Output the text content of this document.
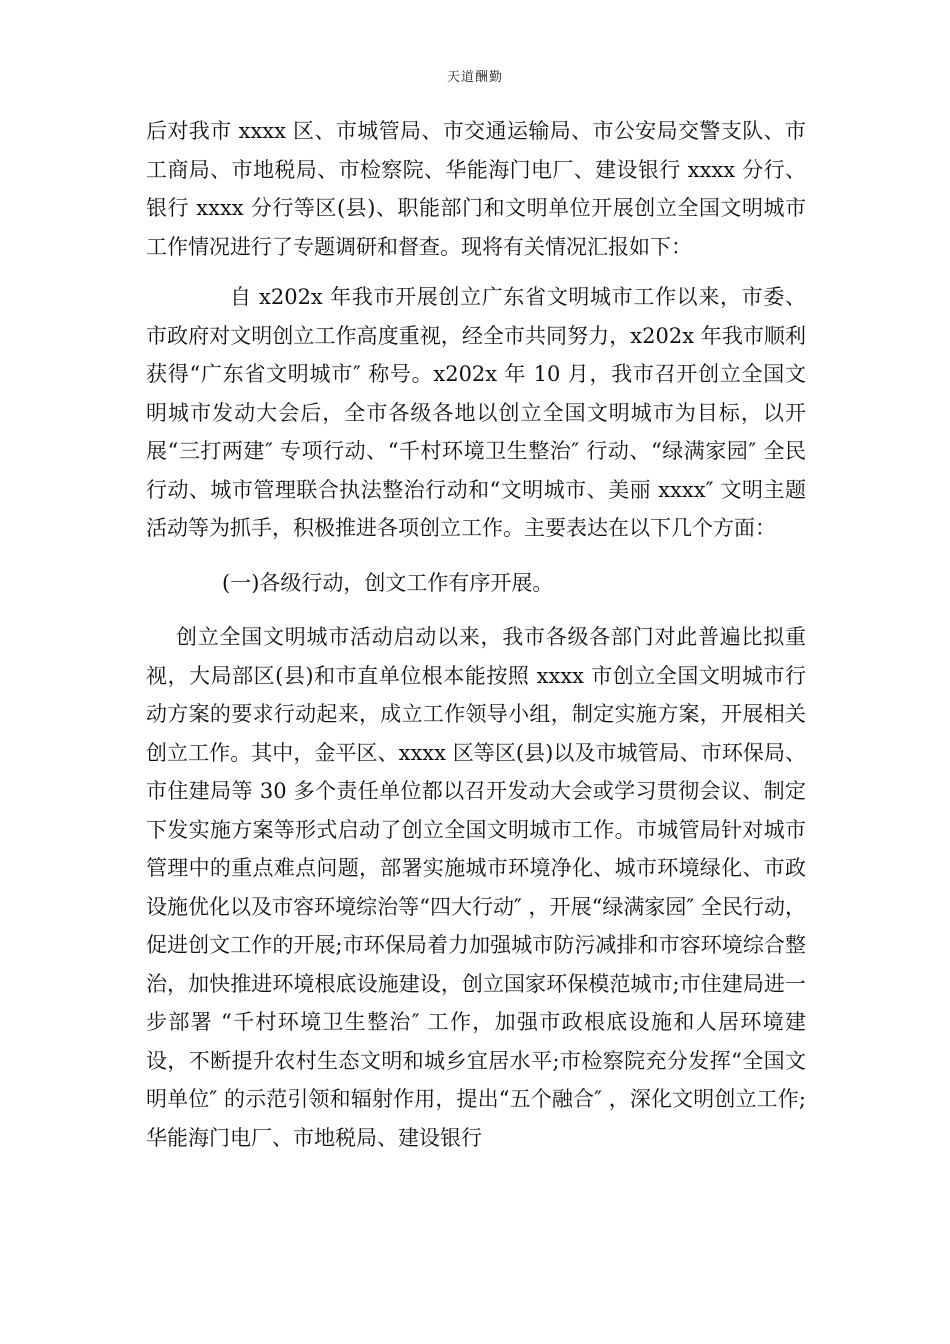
天道酬勤

后对我市 xxxx 区、市城管局、市交通运输局、市公安局交警支队、市工商局、市地税局、市检察院、华能海门电厂、建设银行 xxxx 分行、银行 xxxx 分行等区(县)、职能部门和文明单位开展创立全国文明城市工作情况进行了专题调研和督查。现将有关情况汇报如下：

自 x202x 年我市开展创立广东省文明城市工作以来，市委、市政府对文明创立工作高度重视，经全市共同努力，x202x 年我市顺利获得“广东省文明城市″ 称号。x202x 年 10 月，我市召开创立全国文明城市发动大会后，全市各级各地以创立全国文明城市为目标，以开展“三打两建″ 专项行动、“千村环境卫生整治″ 行动、“绿满家园″ 全民行动、城市管理联合执法整治行动和“文明城市、美丽 xxxx″ 文明主题活动等为抓手，积极推进各项创立工作。主要表达在以下几个方面：

(一)各级行动，创文工作有序开展。

创立全国文明城市活动启动以来，我市各级各部门对此普遍比拟重视，大局部区(县)和市直单位根本能按照 xxxx 市创立全国文明城市行动方案的要求行动起来，成立工作领导小组，制定实施方案，开展相关创立工作。其中，金平区、xxxx 区等区(县)以及市城管局、市环保局、市住建局等 30 多个责任单位都以召开发动大会或学习贯彻会议、制定下发实施方案等形式启动了创立全国文明城市工作。市城管局针对城市管理中的重点难点问题，部署实施城市环境净化、城市环境绿化、市政设施优化以及市容环境综治等“四大行动″ ，开展“绿满家园″ 全民行动，促进创文工作的开展;市环保局着力加强城市防污减排和市容环境综合整治，加快推进环境根底设施建设，创立国家环保模范城市;市住建局进一步部署 “千村环境卫生整治″ 工作，加强市政根底设施和人居环境建设，不断提升农村生态文明和城乡宜居水平;市检察院充分发挥“全国文明单位″ 的示范引领和辐射作用，提出“五个融合″ ，深化文明创立工作;华能海门电厂、市地税局、建设银行
